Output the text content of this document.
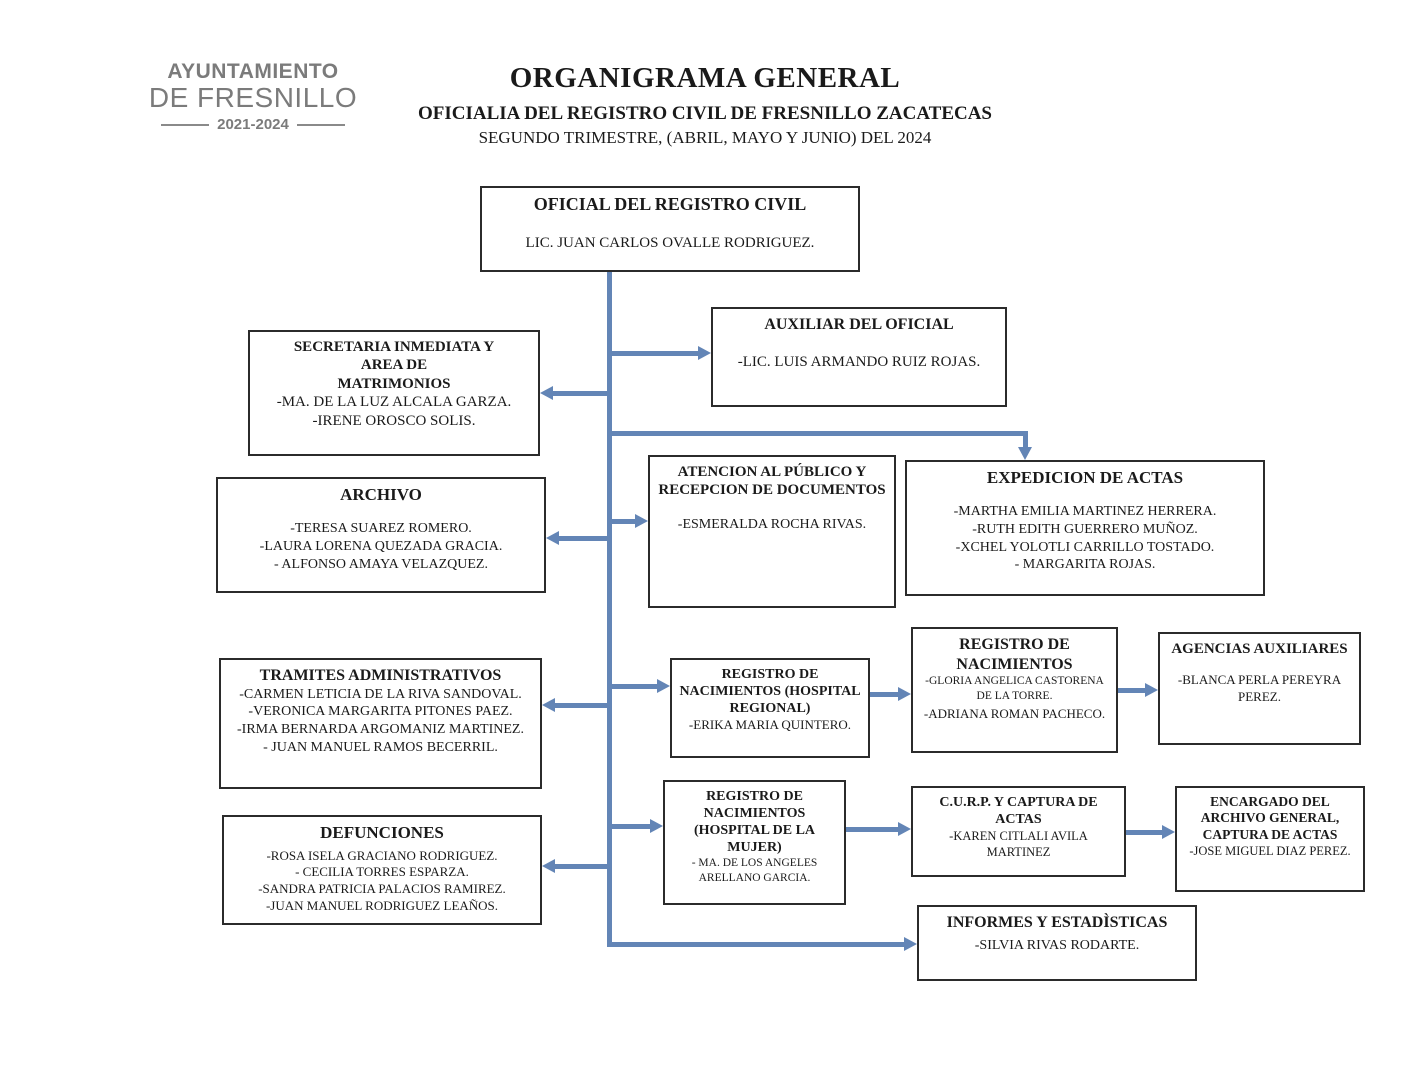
AYUNTAMIENTO
DE FRESNILLO
2021-2024
ORGANIGRAMA GENERAL
OFICIALIA DEL REGISTRO CIVIL DE FRESNILLO ZACATECAS
SEGUNDO TRIMESTRE, (ABRIL, MAYO Y JUNIO) DEL 2024
OFICIAL DEL REGISTRO CIVIL
LIC. JUAN CARLOS OVALLE RODRIGUEZ.
AUXILIAR DEL OFICIAL
-LIC. LUIS ARMANDO RUIZ ROJAS.
SECRETARIA INMEDIATA Y
AREA DE
MATRIMONIOS
-MA. DE LA LUZ ALCALA GARZA.
-IRENE OROSCO SOLIS.
ARCHIVO
-TERESA SUAREZ ROMERO.
-LAURA LORENA QUEZADA GRACIA.
- ALFONSO AMAYA VELAZQUEZ.
ATENCION AL PÚBLICO Y RECEPCION DE DOCUMENTOS
-ESMERALDA ROCHA RIVAS.
EXPEDICION DE ACTAS
-MARTHA EMILIA MARTINEZ HERRERA.
-RUTH EDITH GUERRERO MUÑOZ.
-XCHEL YOLOTLI CARRILLO TOSTADO.
- MARGARITA ROJAS.
TRAMITES ADMINISTRATIVOS
-CARMEN LETICIA DE LA RIVA SANDOVAL.
-VERONICA MARGARITA PITONES PAEZ.
-IRMA BERNARDA ARGOMANIZ MARTINEZ.
- JUAN MANUEL RAMOS BECERRIL.
REGISTRO DE NACIMIENTOS (HOSPITAL REGIONAL)
-ERIKA MARIA QUINTERO.
REGISTRO DE NACIMIENTOS
-GLORIA ANGELICA CASTORENA DE LA TORRE.
-ADRIANA ROMAN PACHECO.
AGENCIAS AUXILIARES
-BLANCA PERLA PEREYRA PEREZ.
DEFUNCIONES
-ROSA ISELA GRACIANO RODRIGUEZ.
- CECILIA TORRES ESPARZA.
-SANDRA PATRICIA PALACIOS RAMIREZ.
-JUAN MANUEL RODRIGUEZ LEAÑOS.
REGISTRO DE NACIMIENTOS (HOSPITAL DE LA MUJER)
- MA. DE LOS ANGELES ARELLANO GARCIA.
C.U.R.P. Y CAPTURA DE ACTAS
-KAREN CITLALI AVILA MARTINEZ
ENCARGADO DEL ARCHIVO GENERAL, CAPTURA DE ACTAS
-JOSE MIGUEL DIAZ PEREZ.
INFORMES Y ESTADÌSTICAS
-SILVIA RIVAS RODARTE.
